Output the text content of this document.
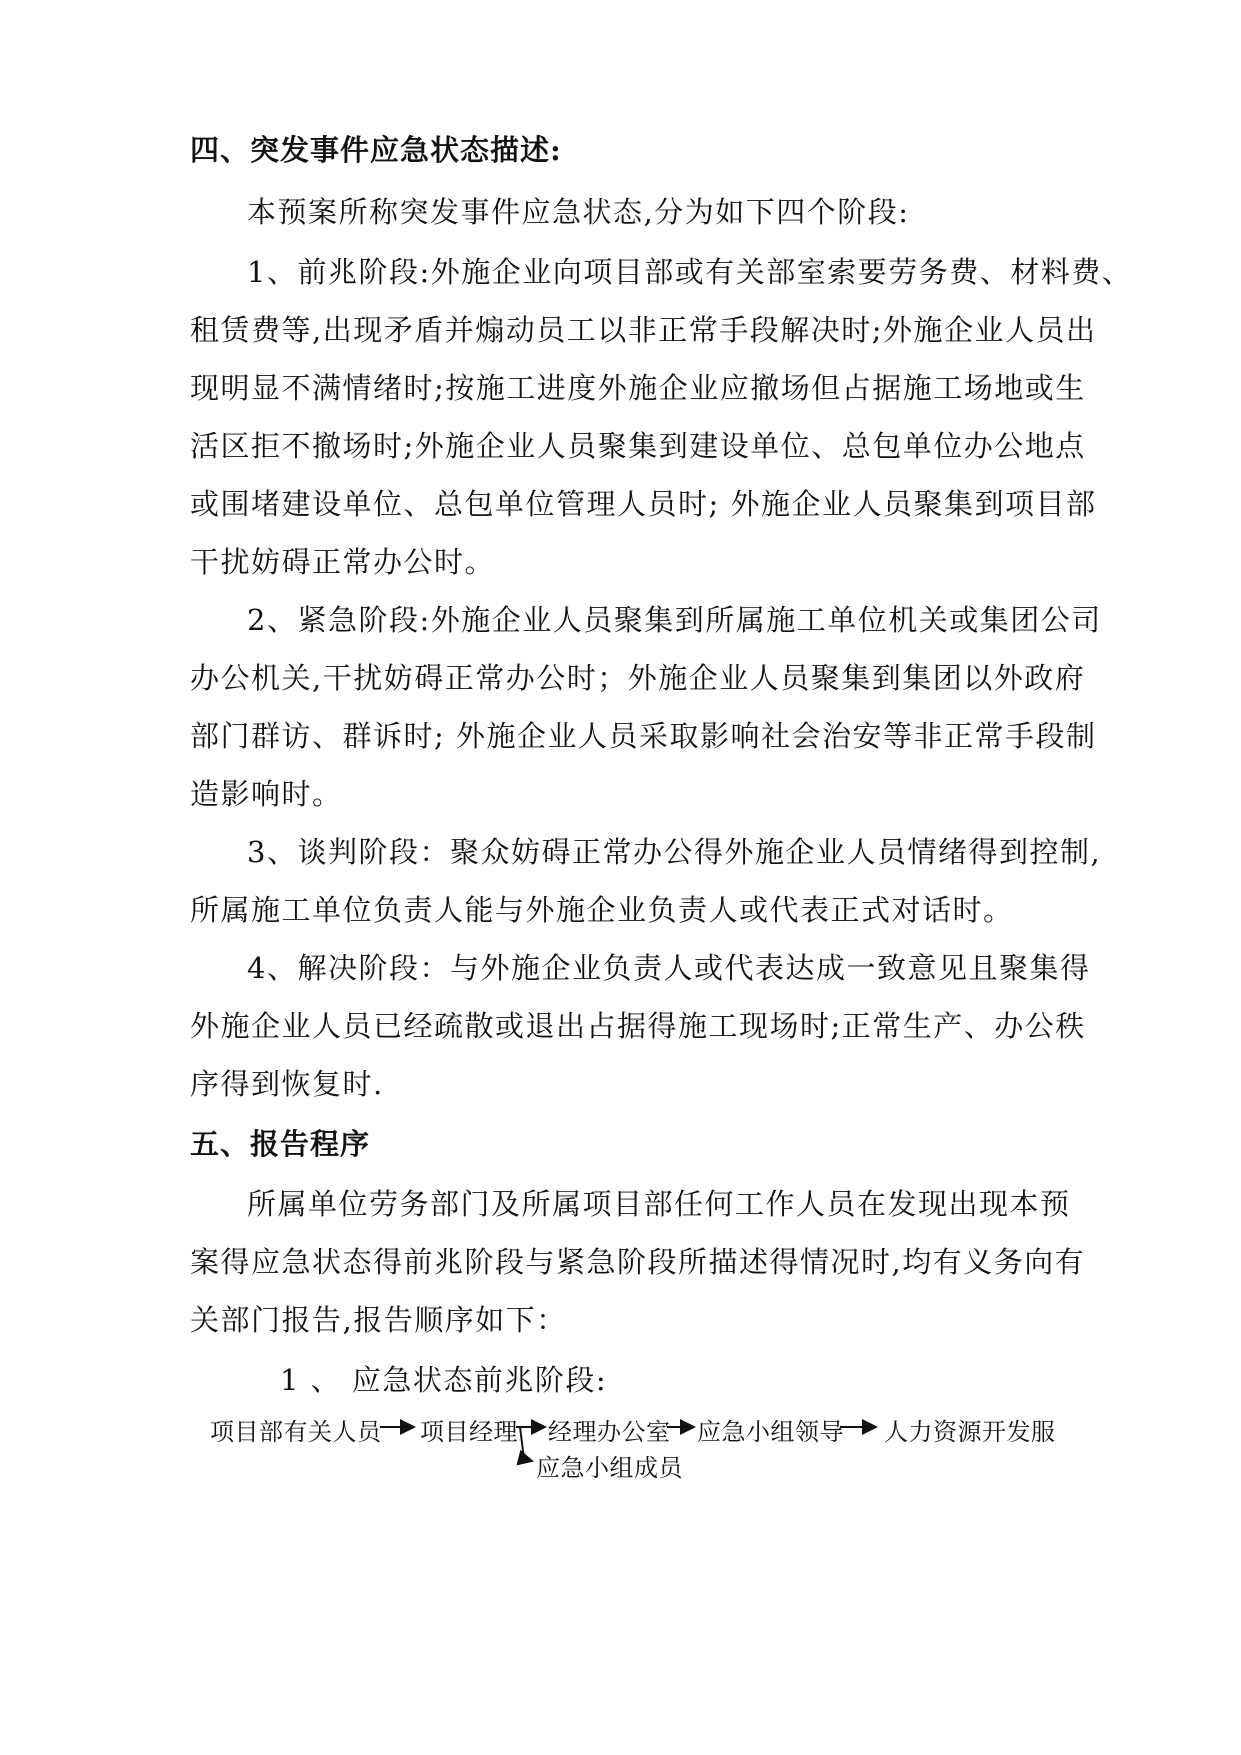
四、突发事件应急状态描述:
本预案所称突发事件应急状态,分为如下四个阶段:
1、前兆阶段:外施企业向项目部或有关部室索要劳务费、材料费、
租赁费等,出现矛盾并煽动员工以非正常手段解决时;外施企业人员出
现明显不满情绪时;按施工进度外施企业应撤场但占据施工场地或生
活区拒不撤场时;外施企业人员聚集到建设单位、总包单位办公地点
或围堵建设单位、总包单位管理人员时; 外施企业人员聚集到项目部
干扰妨碍正常办公时。
2、紧急阶段:外施企业人员聚集到所属施工单位机关或集团公司
办公机关,干扰妨碍正常办公时；外施企业人员聚集到集团以外政府
部门群访、群诉时; 外施企业人员采取影响社会治安等非正常手段制
造影响时。
3、谈判阶段：聚众妨碍正常办公得外施企业人员情绪得到控制,
所属施工单位负责人能与外施企业负责人或代表正式对话时。
4、解决阶段：与外施企业负责人或代表达成一致意见且聚集得
外施企业人员已经疏散或退出占据得施工现场时;正常生产、办公秩
序得到恢复时.
五、报告程序
所属单位劳务部门及所属项目部任何工作人员在发现出现本预
案得应急状态得前兆阶段与紧急阶段所描述得情况时,均有义务向有
关部门报告,报告顺序如下：
1 、 应急状态前兆阶段:
项目部有关人员 项目经理 经理办公室 应急小组领导 人力资源开发服
应急小组成员
